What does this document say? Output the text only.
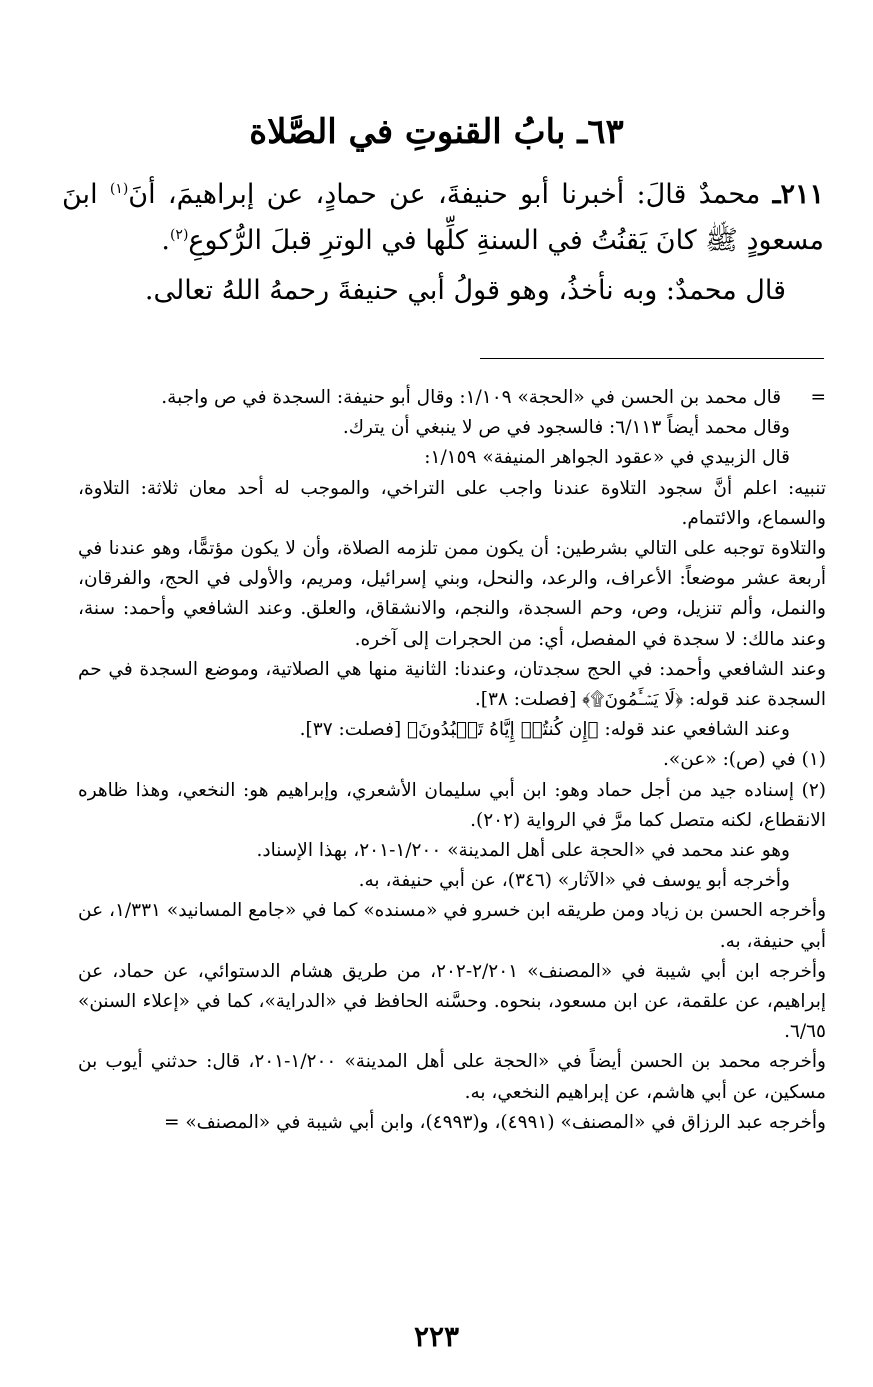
٦٣ـ بابُ القنوتِ في الصَّلاة

٢١١ـ محمدٌ قالَ: أخبرنا أبو حنيفةَ، عن حمادٍ، عن إبراهيمَ، أنَ$^{(١)}$ ابنَ مسعودٍ ﷺ كانَ يَقنُتُ في السنةِ كلِّها في الوترِ قبلَ الرُّكوعِ$^{(٢)}$.

قال محمدٌ: وبه نأخذُ، وهو قولُ أبي حنيفةَ رحمهُ اللهُ تعالى.

=     قال محمد بن الحسن في «الحجة» ١/١٠٩: وقال أبو حنيفة: السجدة في ص واجبة.

وقال محمد أيضاً ٦/١١٣: فالسجود في ص لا ينبغي أن يترك.

قال الزبيدي في «عقود الجواهر المنيفة» ١/١٥٩:

تنبيه: اعلم أنَّ سجود التلاوة عندنا واجب على التراخي، والموجب له أحد معان ثلاثة: التلاوة، والسماع، والائتمام.

والتلاوة توجبه على التالي بشرطين: أن يكون ممن تلزمه الصلاة، وأن لا يكون مؤتمًّا، وهو عندنا في أربعة عشر موضعاً: الأعراف، والرعد، والنحل، وبني إسرائيل، ومريم، والأولى في الحج، والفرقان، والنمل، وألم تنزيل، وص، وحم السجدة، والنجم، والانشقاق، والعلق. وعند الشافعي وأحمد: سنة، وعند مالك: لا سجدة في المفصل، أي: من الحجرات إلى آخره.

وعند الشافعي وأحمد: في الحج سجدتان، وعندنا: الثانية منها هي الصلاتية، وموضع السجدة في حم السجدة عند قوله: ﴿لَا يَسۡـَٔمُونَ۩﴾ [فصلت: ٣٨].

وعند الشافعي عند قوله: ﴿إِن كُنتُمۡ إِيَّاهُ تَعۡبُدُونَ﴾ [فصلت: ٣٧].

(١) في (ص): «عن».

(٢) إسناده جيد من أجل حماد وهو: ابن أبي سليمان الأشعري، وإبراهيم هو: النخعي، وهذا ظاهره الانقطاع، لكنه متصل كما مرَّ في الرواية (٢٠٢).

وهو عند محمد في «الحجة على أهل المدينة» ١/٢٠٠-٢٠١، بهذا الإسناد.

وأخرجه أبو يوسف في «الآثار» (٣٤٦)، عن أبي حنيفة، به.

وأخرجه الحسن بن زياد ومن طريقه ابن خسرو في «مسنده» كما في «جامع المسانيد» ١/٣٣١، عن أبي حنيفة، به.

وأخرجه ابن أبي شيبة في «المصنف» ٢/٢٠١-٢٠٢، من طريق هشام الدستوائي، عن حماد، عن إبراهيم، عن علقمة، عن ابن مسعود، بنحوه. وحسَّنه الحافظ في «الدراية»، كما في «إعلاء السنن» ٦/٦٥.

وأخرجه محمد بن الحسن أيضاً في «الحجة على أهل المدينة» ١/٢٠٠-٢٠١، قال: حدثني أيوب بن مسكين، عن أبي هاشم، عن إبراهيم النخعي، به.

وأخرجه عبد الرزاق في «المصنف» (٤٩٩١)، و(٤٩٩٣)، وابن أبي شيبة في «المصنف» =

٢٢٣
